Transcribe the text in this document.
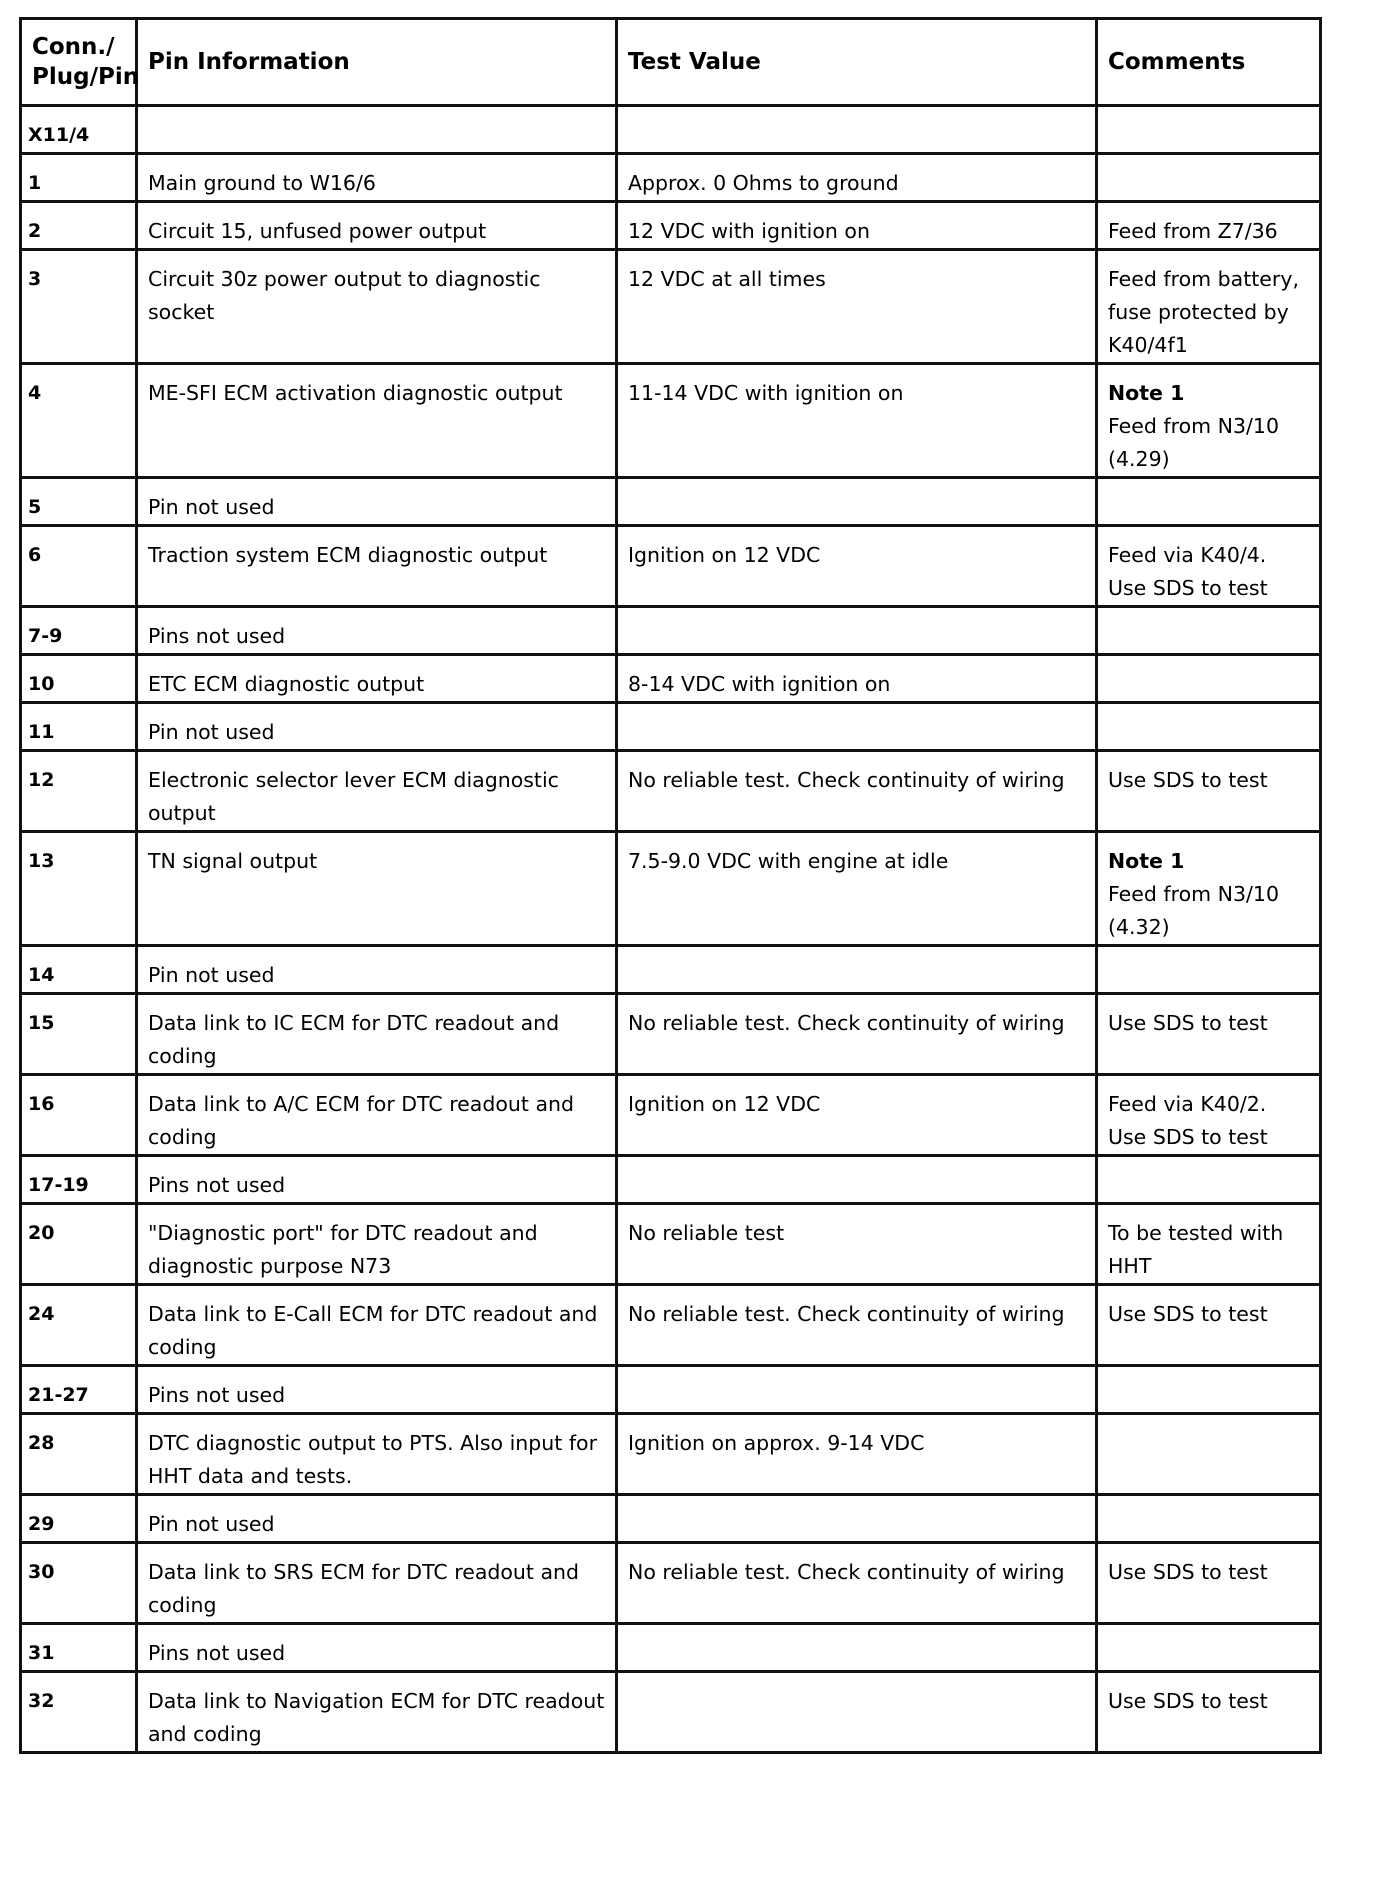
Conn./ Plug/Pin	Pin Information	Test Value	Comments
X11/4			
1	Main ground to W16/6	Approx. 0 Ohms to ground	
2	Circuit 15, unfused power output	12 VDC with ignition on	Feed from Z7/36
3	Circuit 30z power output to diagnostic socket	12 VDC at all times	Feed from battery, fuse protected by K40/4f1
4	ME-SFI ECM activation diagnostic output	11-14 VDC with ignition on	Note 1
Feed from N3/10 (4.29)
5	Pin not used		
6	Traction system ECM diagnostic output	Ignition on 12 VDC	Feed via K40/4. Use SDS to test
7-9	Pins not used		
10	ETC ECM diagnostic output	8-14 VDC with ignition on	
11	Pin not used		
12	Electronic selector lever ECM diagnostic output	No reliable test. Check continuity of wiring	Use SDS to test
13	TN signal output	7.5-9.0 VDC with engine at idle	Note 1
Feed from N3/10 (4.32)
14	Pin not used		
15	Data link to IC ECM for DTC readout and coding	No reliable test. Check continuity of wiring	Use SDS to test
16	Data link to A/C ECM for DTC readout and coding	Ignition on 12 VDC	Feed via K40/2. Use SDS to test
17-19	Pins not used		
20	"Diagnostic port" for DTC readout and diagnostic purpose N73	No reliable test	To be tested with HHT
24	Data link to E-Call ECM for DTC readout and coding	No reliable test. Check continuity of wiring	Use SDS to test
21-27	Pins not used		
28	DTC diagnostic output to PTS. Also input for HHT data and tests.	Ignition on approx. 9-14 VDC	
29	Pin not used		
30	Data link to SRS ECM for DTC readout and coding	No reliable test. Check continuity of wiring	Use SDS to test
31	Pins not used		
32	Data link to Navigation ECM for DTC readout and coding		Use SDS to test
